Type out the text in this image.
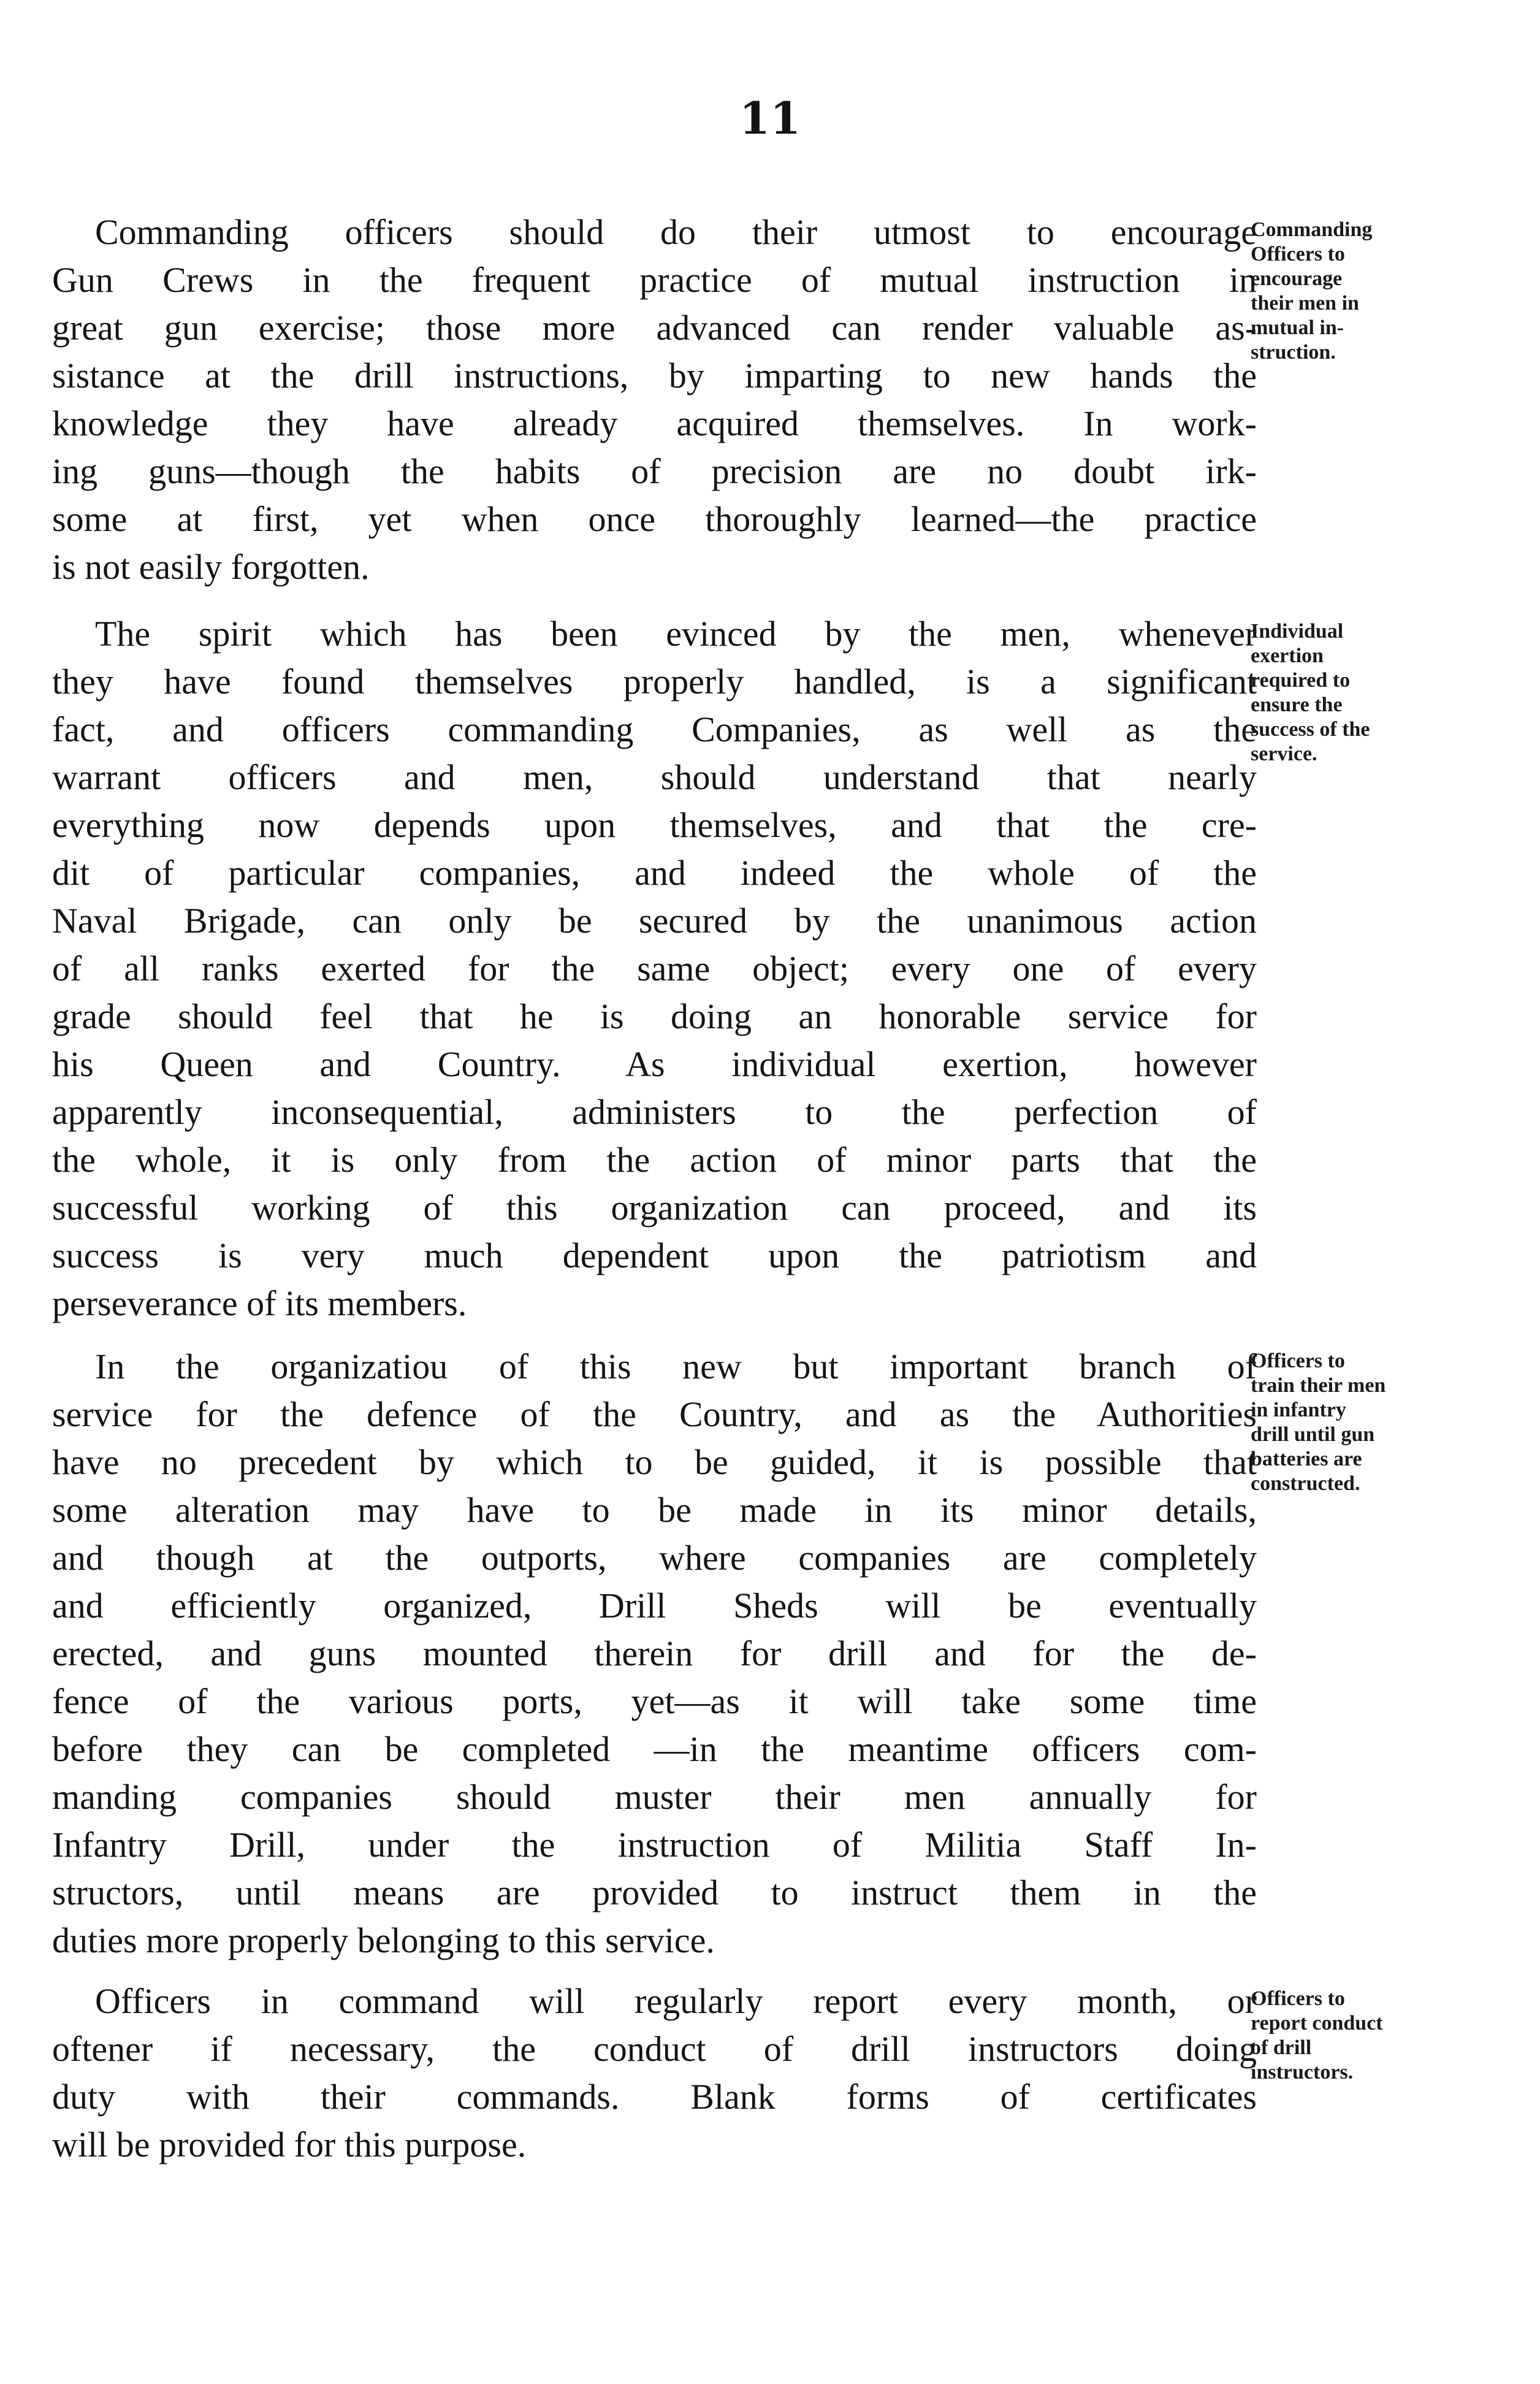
11
Commanding officers should do their utmost to encourage
Gun Crews in the frequent practice of mutual instruction in
great gun exercise; those more advanced can render valuable as-
sistance at the drill instructions, by imparting to new hands the
knowledge they have already acquired themselves. In work-
ing guns—though the habits of precision are no doubt irk-
some at first, yet when once thoroughly learned—the practice
is not easily forgotten.
The spirit which has been evinced by the men, whenever
they have found themselves properly handled, is a significant
fact, and officers commanding Companies, as well as the
warrant officers and men, should understand that nearly
everything now depends upon themselves, and that the cre-
dit of particular companies, and indeed the whole of the
Naval Brigade, can only be secured by the unanimous action
of all ranks exerted for the same object; every one of every
grade should feel that he is doing an honorable service for
his Queen and Country. As individual exertion, however
apparently inconsequential, administers to the perfection of
the whole, it is only from the action of minor parts that the
successful working of this organization can proceed, and its
success is very much dependent upon the patriotism and
perseverance of its members.
In the organizatiou of this new but important branch of
service for the defence of the Country, and as the Authorities
have no precedent by which to be guided, it is possible that
some alteration may have to be made in its minor details,
and though at the outports, where companies are completely
and efficiently organized, Drill Sheds will be eventually
erected, and guns mounted therein for drill and for the de-
fence of the various ports, yet—as it will take some time
before they can be completed —in the meantime officers com-
manding companies should muster their men annually for
Infantry Drill, under the instruction of Militia Staff In-
structors, until means are provided to instruct them in the
duties more properly belonging to this service.
Officers in command will regularly report every month, or
oftener if necessary, the conduct of drill instructors doing
duty with their commands. Blank forms of certificates
will be provided for this purpose.
Commanding
Officers to
encourage
their men in
mutual in-
struction.
Individual
exertion
required to
ensure the
success of the
service.
Officers to
train their men
in infantry
drill until gun
batteries are
constructed.
Officers to
report conduct
of drill
instructors.
